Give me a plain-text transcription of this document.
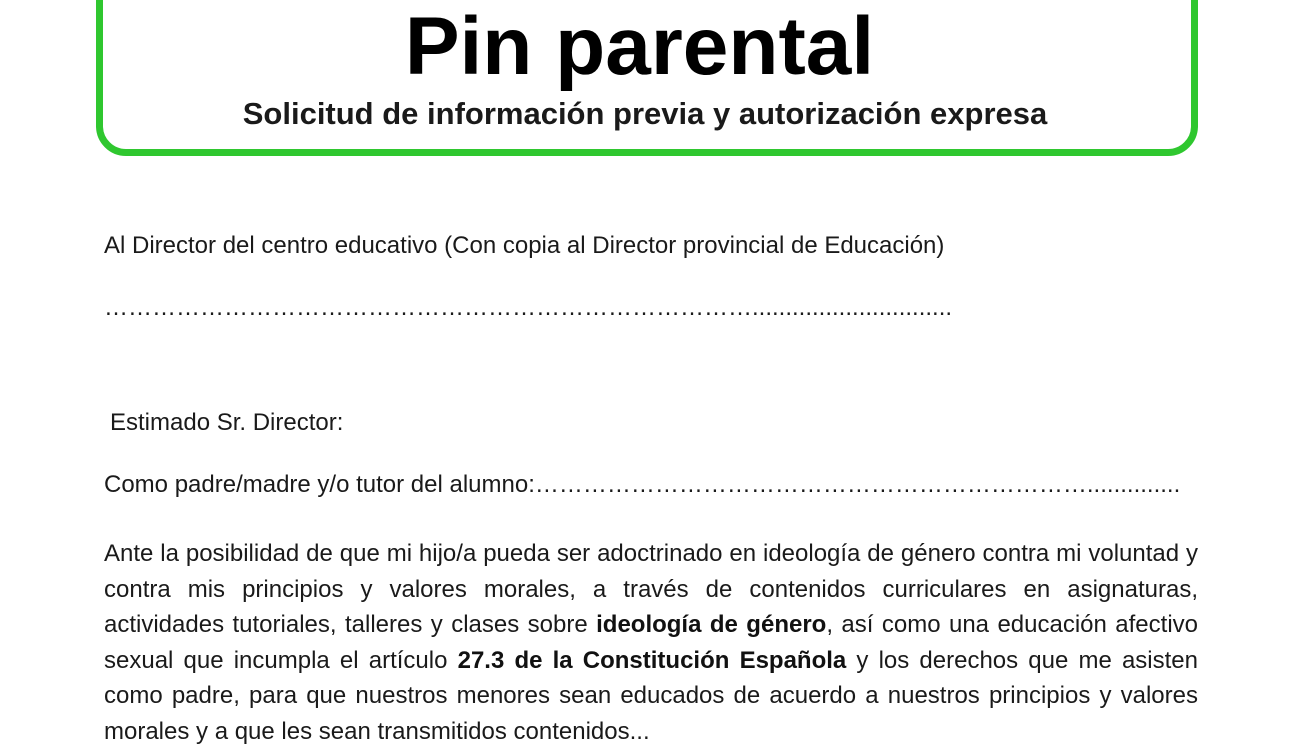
Pin parental
Solicitud de información previa y autorización expresa

Al Director del centro educativo (Con copia al Director provincial de Educación)

………………………………………………………………………..............................

Estimado Sr. Director:

Como padre/madre y/o tutor del alumno:……………………………………………………………..............

Ante la posibilidad de que mi hijo/a pueda ser adoctrinado en ideología de género contra mi voluntad y contra mis principios y valores morales, a través de contenidos curriculares en asignaturas, actividades tutoriales, talleres y clases sobre ideología de género, así como una educación afectivo sexual que incumpla el artículo 27.3 de la Constitución Española y los derechos que me asisten como padre, para que nuestros menores sean educados de acuerdo a nuestros principios y valores morales y a que les sean transmitidos contenidos...
